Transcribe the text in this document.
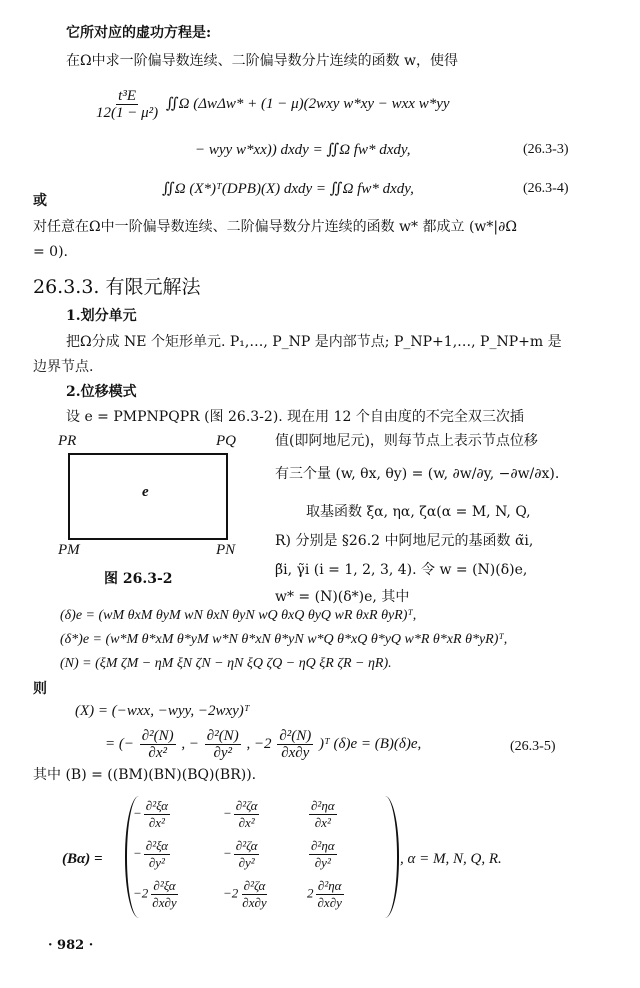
它所对应的虚功方程是:
在Ω中求一阶偏导数连续、二阶偏导数分片连续的函数 w，使得
$\frac{\text{t³E}}{\text{12(1 − μ²)}}$ ∬Ω (ΔwΔw* + (1 − μ)(2wxy w*xy − wxx w*yy
− wyy w*xx)) dxdy = ∬Ω fw* dxdy,	(26.3-3)
或
∬Ω (X*)ᵀ(DPB)(X) dxdy = ∬Ω fw* dxdy,	(26.3-4)
对任意在Ω中一阶偏导数连续、二阶偏导数分片连续的函数 w* 都成立 (w*|∂Ω
= 0).
26.3.3. 有限元解法
1.划分单元
把Ω分成 NE 个矩形单元. P₁,…, P_NP 是内部节点; P_NP+1,…, P_NP+m 是
边界节点.
2.位移模式
设 e = PMPNPQPR (图 26.3-2). 现在用 12 个自由度的不完全双三次插
PR	PQ
e
PM	PN
图 26.3-2
值(即阿地尼元)，则每节点上表示节点位移
有三个量 (w, θx, θy) = (w, ∂w/∂y, −∂w/∂x).
取基函数 ξα, ηα, ζα(α = M, N, Q,
R) 分别是 §26.2 中阿地尼元的基函数 α̃i,
β̃i, γ̃i (i = 1, 2, 3, 4). 令 w = (N)(δ)e,
w* = (N)(δ*)e, 其中
(δ)e = (wM θxM θyM wN θxN θyN wQ θxQ θyQ wR θxR θyR)ᵀ,
(δ*)e = (w*M θ*xM θ*yM w*N θ*xN θ*yN w*Q θ*xQ θ*yQ w*R θ*xR θ*yR)ᵀ,
(N) = (ξM ζM − ηM ξN ζN − ηN ξQ ζQ − ηQ ξR ζR − ηR).
则
(X) = (−wxx, −wyy, −2wxy)ᵀ
= (− $\frac{\text{∂²(N)}}{\text{∂x²}}$ , − $\frac{\text{∂²(N)}}{\text{∂y²}}$ , $-2 \frac{\text{∂²(N)}}{\partial x\partial y}$ )ᵀ (δ)e = (B)(δ)e,	(26.3-5)
其中 (B) = ((BM)(BN)(BQ)(BR)).
(Bα) =
− $\frac{\text{∂²ξα}}{\text{∂x²}}$	− $\frac{\text{∂²ζα}}{\text{∂x²}}$	$\frac{\text{∂²ηα}}{\text{∂x²}}$
− $\frac{\text{∂²ξα}}{\text{∂y²}}$	− $\frac{\text{∂²ζα}}{\text{∂y²}}$	$\frac{\text{∂²ηα}}{\text{∂y²}}$
$-2 \frac{\text{∂²ξα}}{\partial x\partial y}$	$-2 \frac{\text{∂²ζα}}{\partial x\partial y}$	$2 \frac{\text{∂²ηα}}{\partial x\partial y}$
, α = M, N, Q, R.
· 982 ·
